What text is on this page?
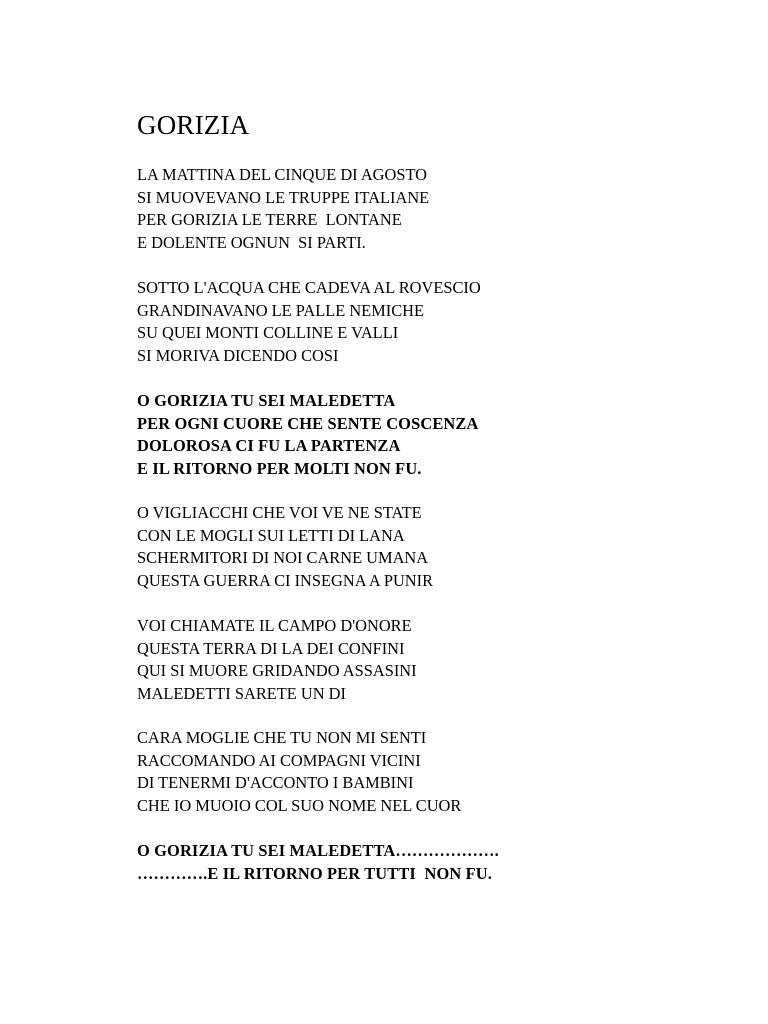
GORIZIA
LA MATTINA DEL CINQUE DI AGOSTO
SI MUOVEVANO LE TRUPPE ITALIANE
PER GORIZIA LE TERRE  LONTANE
E DOLENTE OGNUN  SI PARTI.
SOTTO L'ACQUA CHE CADEVA AL ROVESCIO
GRANDINAVANO LE PALLE NEMICHE
SU QUEI MONTI COLLINE E VALLI
SI MORIVA DICENDO COSI
O GORIZIA TU SEI MALEDETTA
PER OGNI CUORE CHE SENTE COSCENZA
DOLOROSA CI FU LA PARTENZA
E IL RITORNO PER MOLTI NON FU.
O VIGLIACCHI CHE VOI VE NE STATE
CON LE MOGLI SUI LETTI DI LANA
SCHERMITORI DI NOI CARNE UMANA
QUESTA GUERRA CI INSEGNA A PUNIR
VOI CHIAMATE IL CAMPO D'ONORE
QUESTA TERRA DI LA DEI CONFINI
QUI SI MUORE GRIDANDO ASSASINI
MALEDETTI SARETE UN DI
CARA MOGLIE CHE TU NON MI SENTI
RACCOMANDO AI COMPAGNI VICINI
DI TENERMI D'ACCONTO I BAMBINI
CHE IO MUOIO COL SUO NOME NEL CUOR
O GORIZIA TU SEI MALEDETTA……………….
………….E IL RITORNO PER TUTTI  NON FU.
